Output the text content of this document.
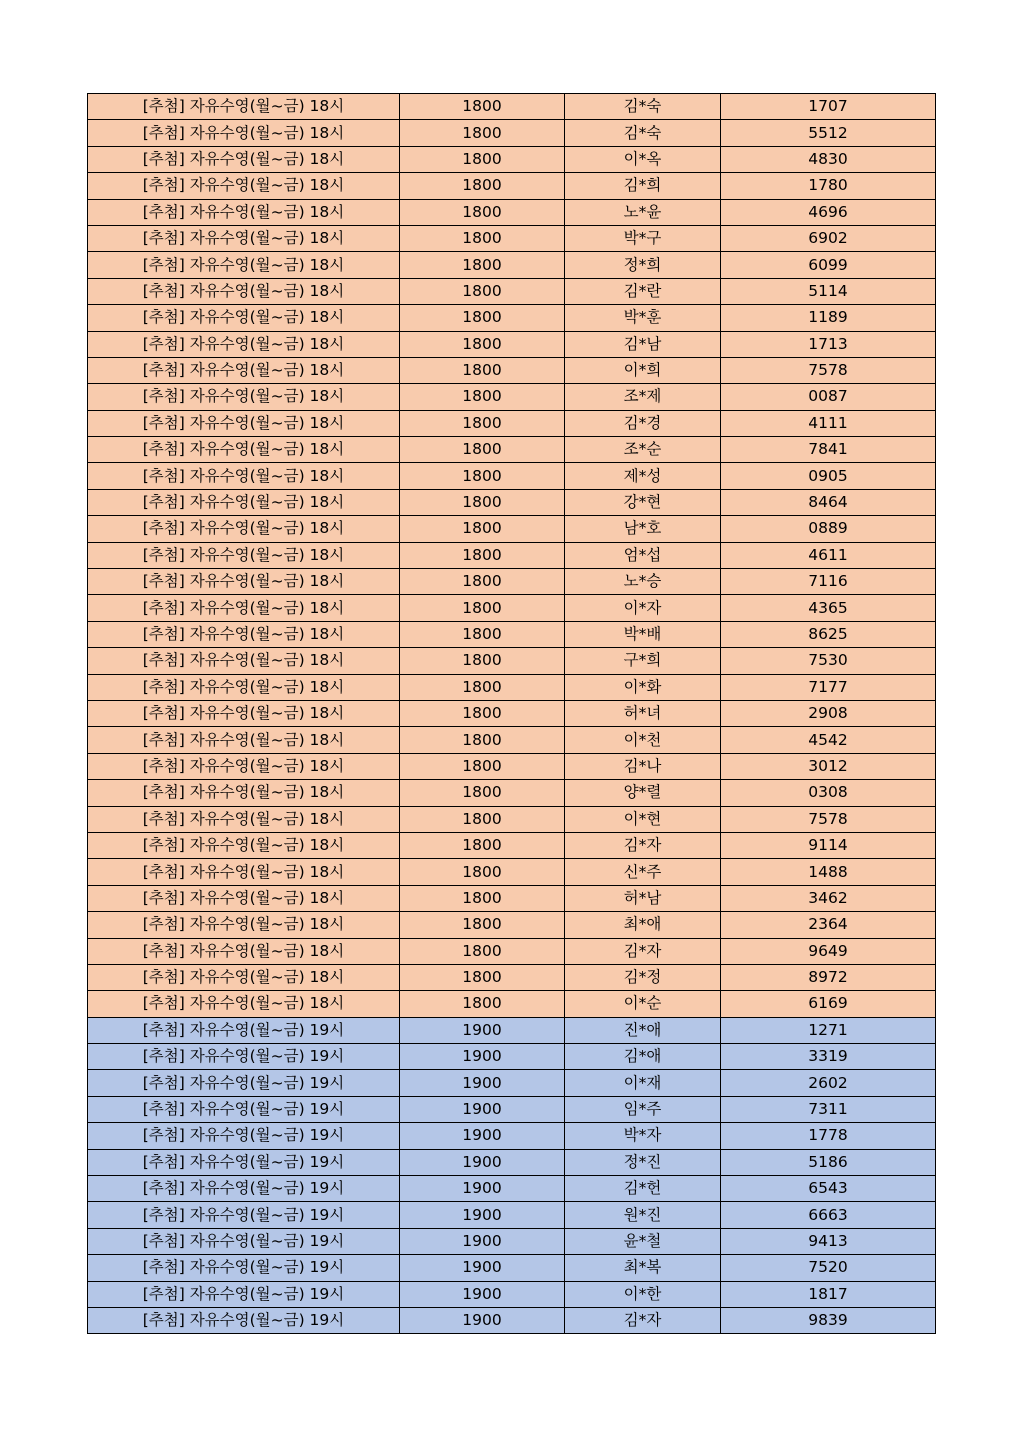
[추첨] 자유수영(월~금) 18시	1800	김*숙	1707
[추첨] 자유수영(월~금) 18시	1800	김*숙	5512
[추첨] 자유수영(월~금) 18시	1800	이*옥	4830
[추첨] 자유수영(월~금) 18시	1800	김*희	1780
[추첨] 자유수영(월~금) 18시	1800	노*윤	4696
[추첨] 자유수영(월~금) 18시	1800	박*구	6902
[추첨] 자유수영(월~금) 18시	1800	정*희	6099
[추첨] 자유수영(월~금) 18시	1800	김*란	5114
[추첨] 자유수영(월~금) 18시	1800	박*훈	1189
[추첨] 자유수영(월~금) 18시	1800	김*남	1713
[추첨] 자유수영(월~금) 18시	1800	이*희	7578
[추첨] 자유수영(월~금) 18시	1800	조*제	0087
[추첨] 자유수영(월~금) 18시	1800	김*경	4111
[추첨] 자유수영(월~금) 18시	1800	조*순	7841
[추첨] 자유수영(월~금) 18시	1800	제*성	0905
[추첨] 자유수영(월~금) 18시	1800	강*현	8464
[추첨] 자유수영(월~금) 18시	1800	남*호	0889
[추첨] 자유수영(월~금) 18시	1800	엄*섭	4611
[추첨] 자유수영(월~금) 18시	1800	노*승	7116
[추첨] 자유수영(월~금) 18시	1800	이*자	4365
[추첨] 자유수영(월~금) 18시	1800	박*배	8625
[추첨] 자유수영(월~금) 18시	1800	구*희	7530
[추첨] 자유수영(월~금) 18시	1800	이*화	7177
[추첨] 자유수영(월~금) 18시	1800	허*녀	2908
[추첨] 자유수영(월~금) 18시	1800	이*천	4542
[추첨] 자유수영(월~금) 18시	1800	김*나	3012
[추첨] 자유수영(월~금) 18시	1800	양*렬	0308
[추첨] 자유수영(월~금) 18시	1800	이*현	7578
[추첨] 자유수영(월~금) 18시	1800	김*자	9114
[추첨] 자유수영(월~금) 18시	1800	신*주	1488
[추첨] 자유수영(월~금) 18시	1800	허*남	3462
[추첨] 자유수영(월~금) 18시	1800	최*애	2364
[추첨] 자유수영(월~금) 18시	1800	김*자	9649
[추첨] 자유수영(월~금) 18시	1800	김*정	8972
[추첨] 자유수영(월~금) 18시	1800	이*순	6169
[추첨] 자유수영(월~금) 19시	1900	진*애	1271
[추첨] 자유수영(월~금) 19시	1900	김*애	3319
[추첨] 자유수영(월~금) 19시	1900	이*재	2602
[추첨] 자유수영(월~금) 19시	1900	임*주	7311
[추첨] 자유수영(월~금) 19시	1900	박*자	1778
[추첨] 자유수영(월~금) 19시	1900	정*진	5186
[추첨] 자유수영(월~금) 19시	1900	김*헌	6543
[추첨] 자유수영(월~금) 19시	1900	원*진	6663
[추첨] 자유수영(월~금) 19시	1900	윤*철	9413
[추첨] 자유수영(월~금) 19시	1900	최*복	7520
[추첨] 자유수영(월~금) 19시	1900	이*한	1817
[추첨] 자유수영(월~금) 19시	1900	김*자	9839
